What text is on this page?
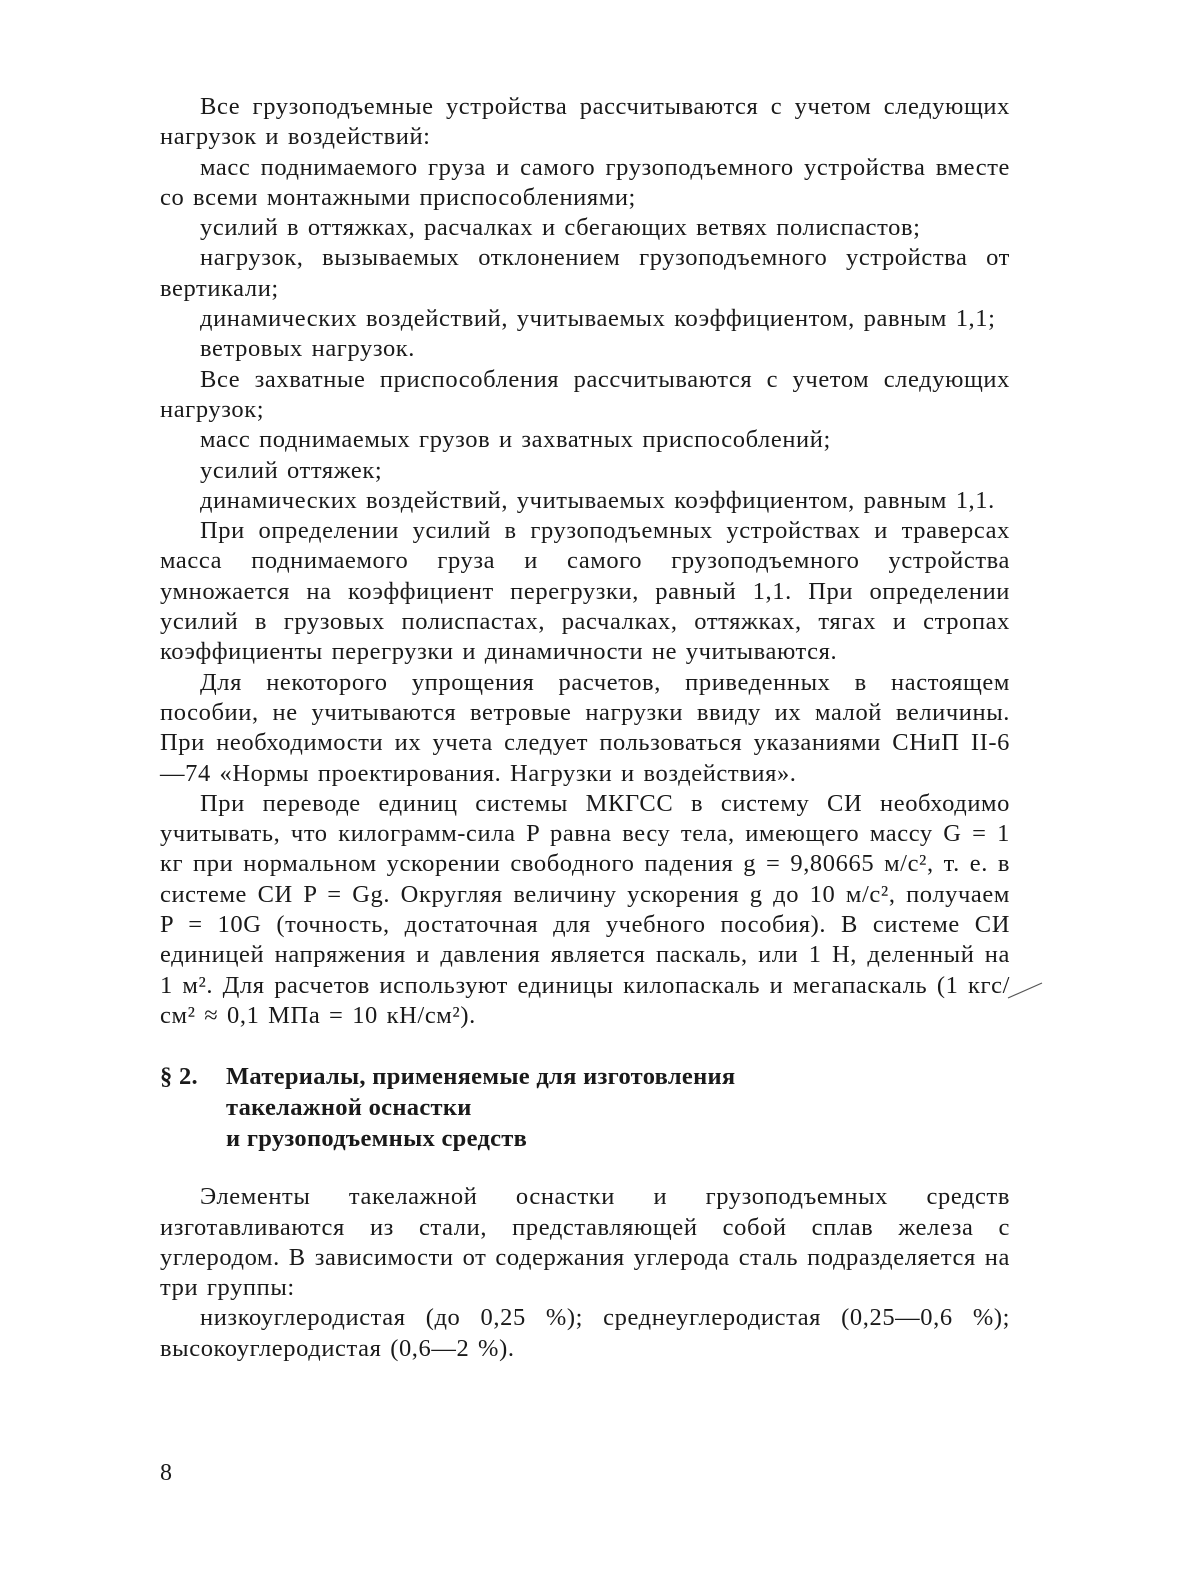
Все грузоподъемные устройства рассчитываются с учетом следующих нагрузок и воздействий:

масс поднимаемого груза и самого грузоподъемного устройства вместе со всеми монтажными приспособлениями;

усилий в оттяжках, расчалках и сбегающих ветвях полиспастов;

нагрузок, вызываемых отклонением грузоподъемного устройства от вертикали;

динамических воздействий, учитываемых коэффициентом, равным 1,1;

ветровых нагрузок.

Все захватные приспособления рассчитываются с учетом следующих нагрузок;

масс поднимаемых грузов и захватных приспособлений;

усилий оттяжек;

динамических воздействий, учитываемых коэффициентом, равным 1,1.

При определении усилий в грузоподъемных устройствах и траверсах масса поднимаемого груза и самого грузоподъемного устройства умножается на коэффициент перегрузки, равный 1,1. При определении усилий в грузовых полиспастах, расчалках, оттяжках, тягах и стропах коэффициенты перегрузки и динамичности не учитываются.

Для некоторого упрощения расчетов, приведенных в настоящем пособии, не учитываются ветровые нагрузки ввиду их малой величины. При необходимости их учета следует пользоваться указаниями СНиП II-6—74 «Нормы проектирования. Нагрузки и воздействия».

При переводе единиц системы МКГСС в систему СИ необходимо учитывать, что килограмм-сила P равна весу тела, имеющего массу G = 1 кг при нормальном ускорении свободного падения g = 9,80665 м/с², т. е. в системе СИ P = Gg. Округляя величину ускорения g до 10 м/с², получаем P = 10G (точность, достаточная для учебного пособия). В системе СИ единицей напряжения и давления является паскаль, или 1 Н, деленный на 1 м². Для расчетов используют единицы килопаскаль и мегапаскаль (1 кгс/см² ≈ 0,1 МПа = 10 кН/см²).

§ 2. Материалы, применяемые для изготовления
такелажной оснастки
и грузоподъемных средств

Элементы такелажной оснастки и грузоподъемных средств изготавливаются из стали, представляющей собой сплав железа с углеродом. В зависимости от содержания углерода сталь подразделяется на три группы:

низкоуглеродистая (до 0,25 %); среднеуглеродистая (0,25—0,6 %); высокоуглеродистая (0,6—2 %).

8
